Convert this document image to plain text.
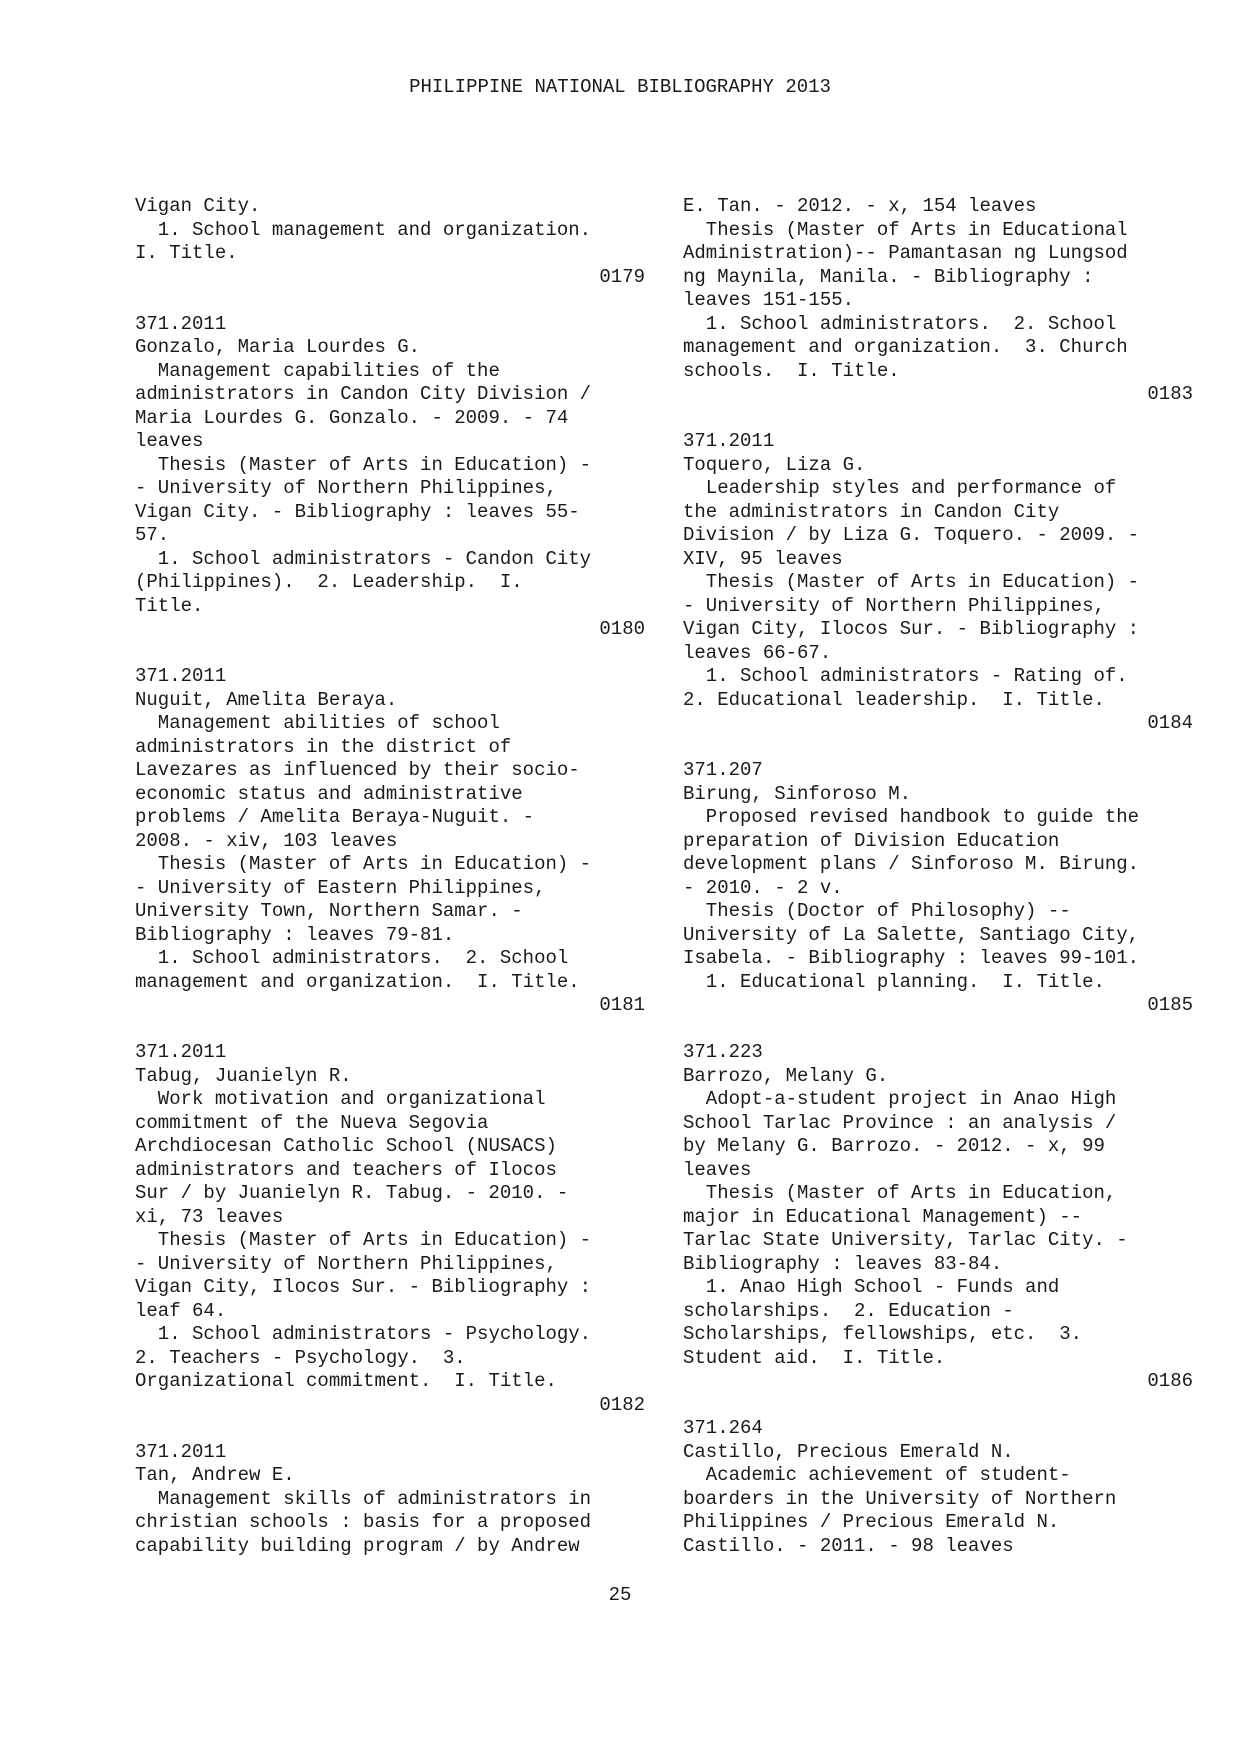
PHILIPPINE NATIONAL BIBLIOGRAPHY 2013
Vigan City.
1. School management and organization.
I. Title.
0179
371.2011
Gonzalo, Maria Lourdes G.
Management capabilities of the
administrators in Candon City Division /
Maria Lourdes G. Gonzalo. - 2009. - 74
leaves
Thesis (Master of Arts in Education) -
- University of Northern Philippines,
Vigan City. - Bibliography : leaves 55-
57.
1. School administrators - Candon City
(Philippines).  2. Leadership.  I.
Title.
0180
371.2011
Nuguit, Amelita Beraya.
Management abilities of school
administrators in the district of
Lavezares as influenced by their socio-
economic status and administrative
problems / Amelita Beraya-Nuguit. -
2008. - xiv, 103 leaves
Thesis (Master of Arts in Education) -
- University of Eastern Philippines,
University Town, Northern Samar. -
Bibliography : leaves 79-81.
1. School administrators.  2. School
management and organization.  I. Title.
0181
371.2011
Tabug, Juanielyn R.
Work motivation and organizational
commitment of the Nueva Segovia
Archdiocesan Catholic School (NUSACS)
administrators and teachers of Ilocos
Sur / by Juanielyn R. Tabug. - 2010. -
xi, 73 leaves
Thesis (Master of Arts in Education) -
- University of Northern Philippines,
Vigan City, Ilocos Sur. - Bibliography :
leaf 64.
1. School administrators - Psychology.
2. Teachers - Psychology.  3.
Organizational commitment.  I. Title.
0182
371.2011
Tan, Andrew E.
Management skills of administrators in
christian schools : basis for a proposed
capability building program / by Andrew
E. Tan. - 2012. - x, 154 leaves
Thesis (Master of Arts in Educational
Administration)-- Pamantasan ng Lungsod
ng Maynila, Manila. - Bibliography :
leaves 151-155.
1. School administrators.  2. School
management and organization.  3. Church
schools.  I. Title.
0183
371.2011
Toquero, Liza G.
Leadership styles and performance of
the administrators in Candon City
Division / by Liza G. Toquero. - 2009. -
XIV, 95 leaves
Thesis (Master of Arts in Education) -
- University of Northern Philippines,
Vigan City, Ilocos Sur. - Bibliography :
leaves 66-67.
1. School administrators - Rating of.
2. Educational leadership.  I. Title.
0184
371.207
Birung, Sinforoso M.
Proposed revised handbook to guide the
preparation of Division Education
development plans / Sinforoso M. Birung.
- 2010. - 2 v.
Thesis (Doctor of Philosophy) --
University of La Salette, Santiago City,
Isabela. - Bibliography : leaves 99-101.
1. Educational planning.  I. Title.
0185
371.223
Barrozo, Melany G.
Adopt-a-student project in Anao High
School Tarlac Province : an analysis /
by Melany G. Barrozo. - 2012. - x, 99
leaves
Thesis (Master of Arts in Education,
major in Educational Management) --
Tarlac State University, Tarlac City. -
Bibliography : leaves 83-84.
1. Anao High School - Funds and
scholarships.  2. Education -
Scholarships, fellowships, etc.  3.
Student aid.  I. Title.
0186
371.264
Castillo, Precious Emerald N.
Academic achievement of student-
boarders in the University of Northern
Philippines / Precious Emerald N.
Castillo. - 2011. - 98 leaves
25
